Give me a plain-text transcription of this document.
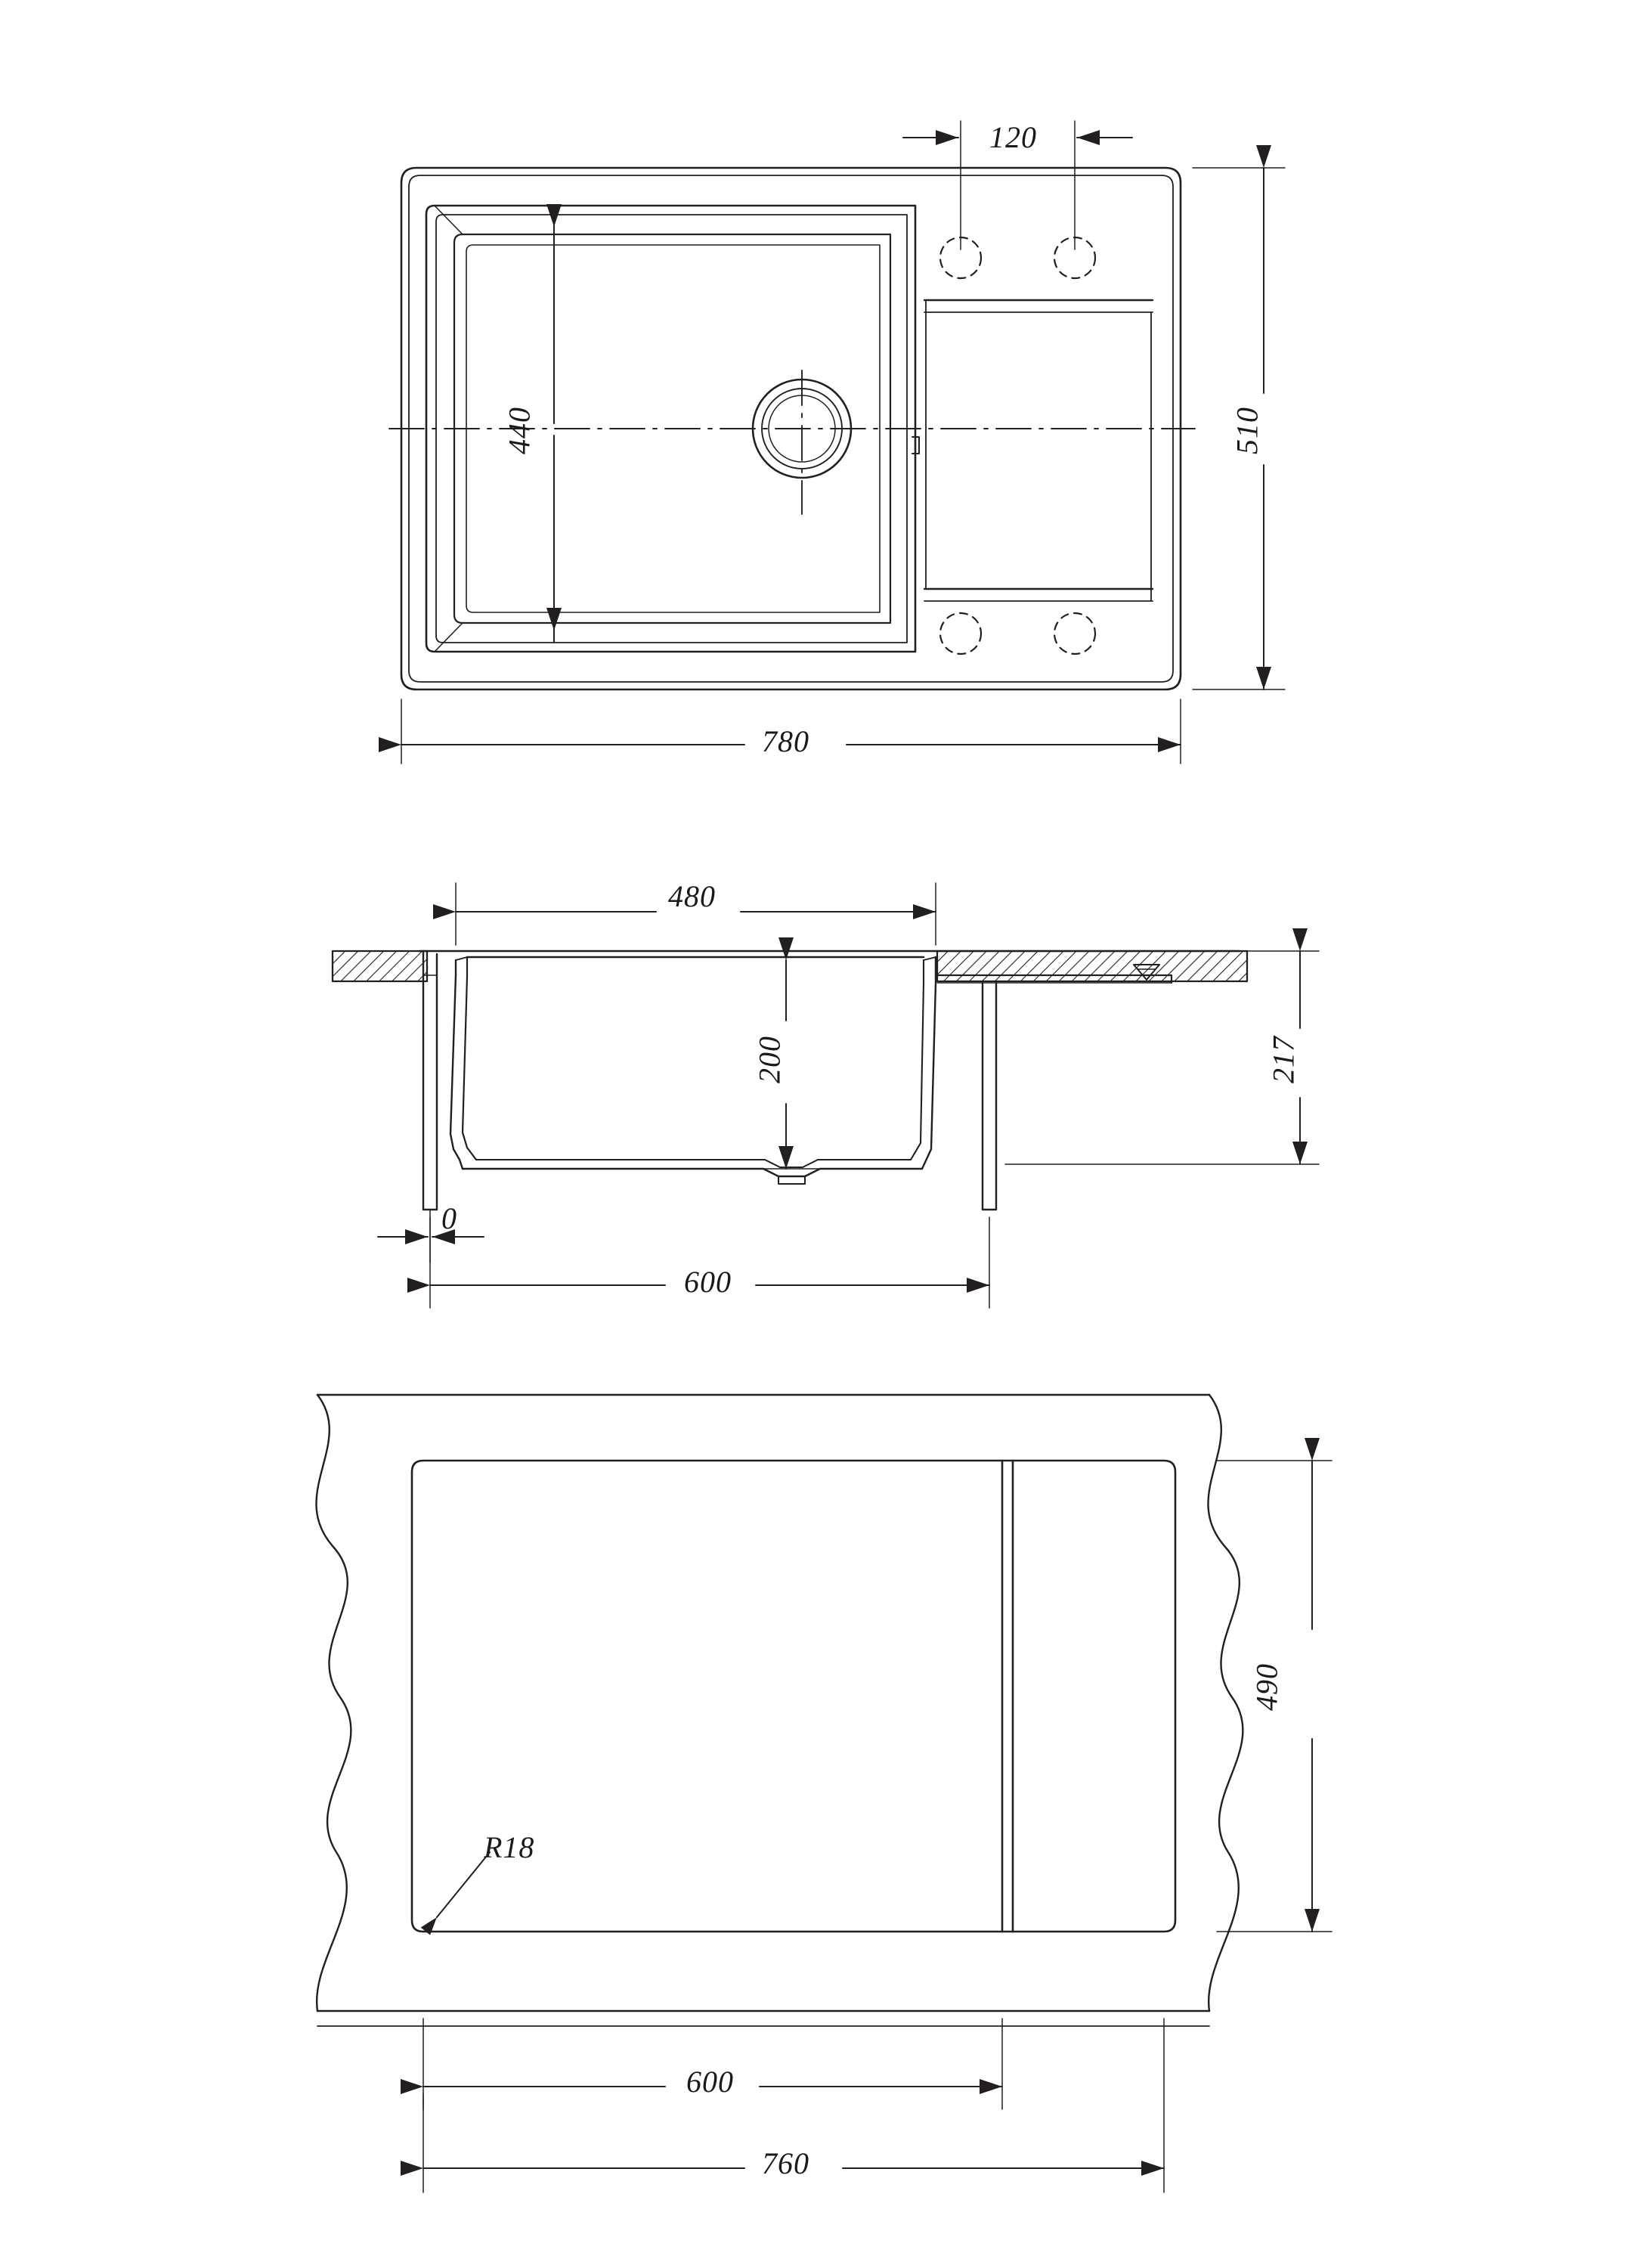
120
440	510
780
480
200	217
0
600
490
R18
600
760
